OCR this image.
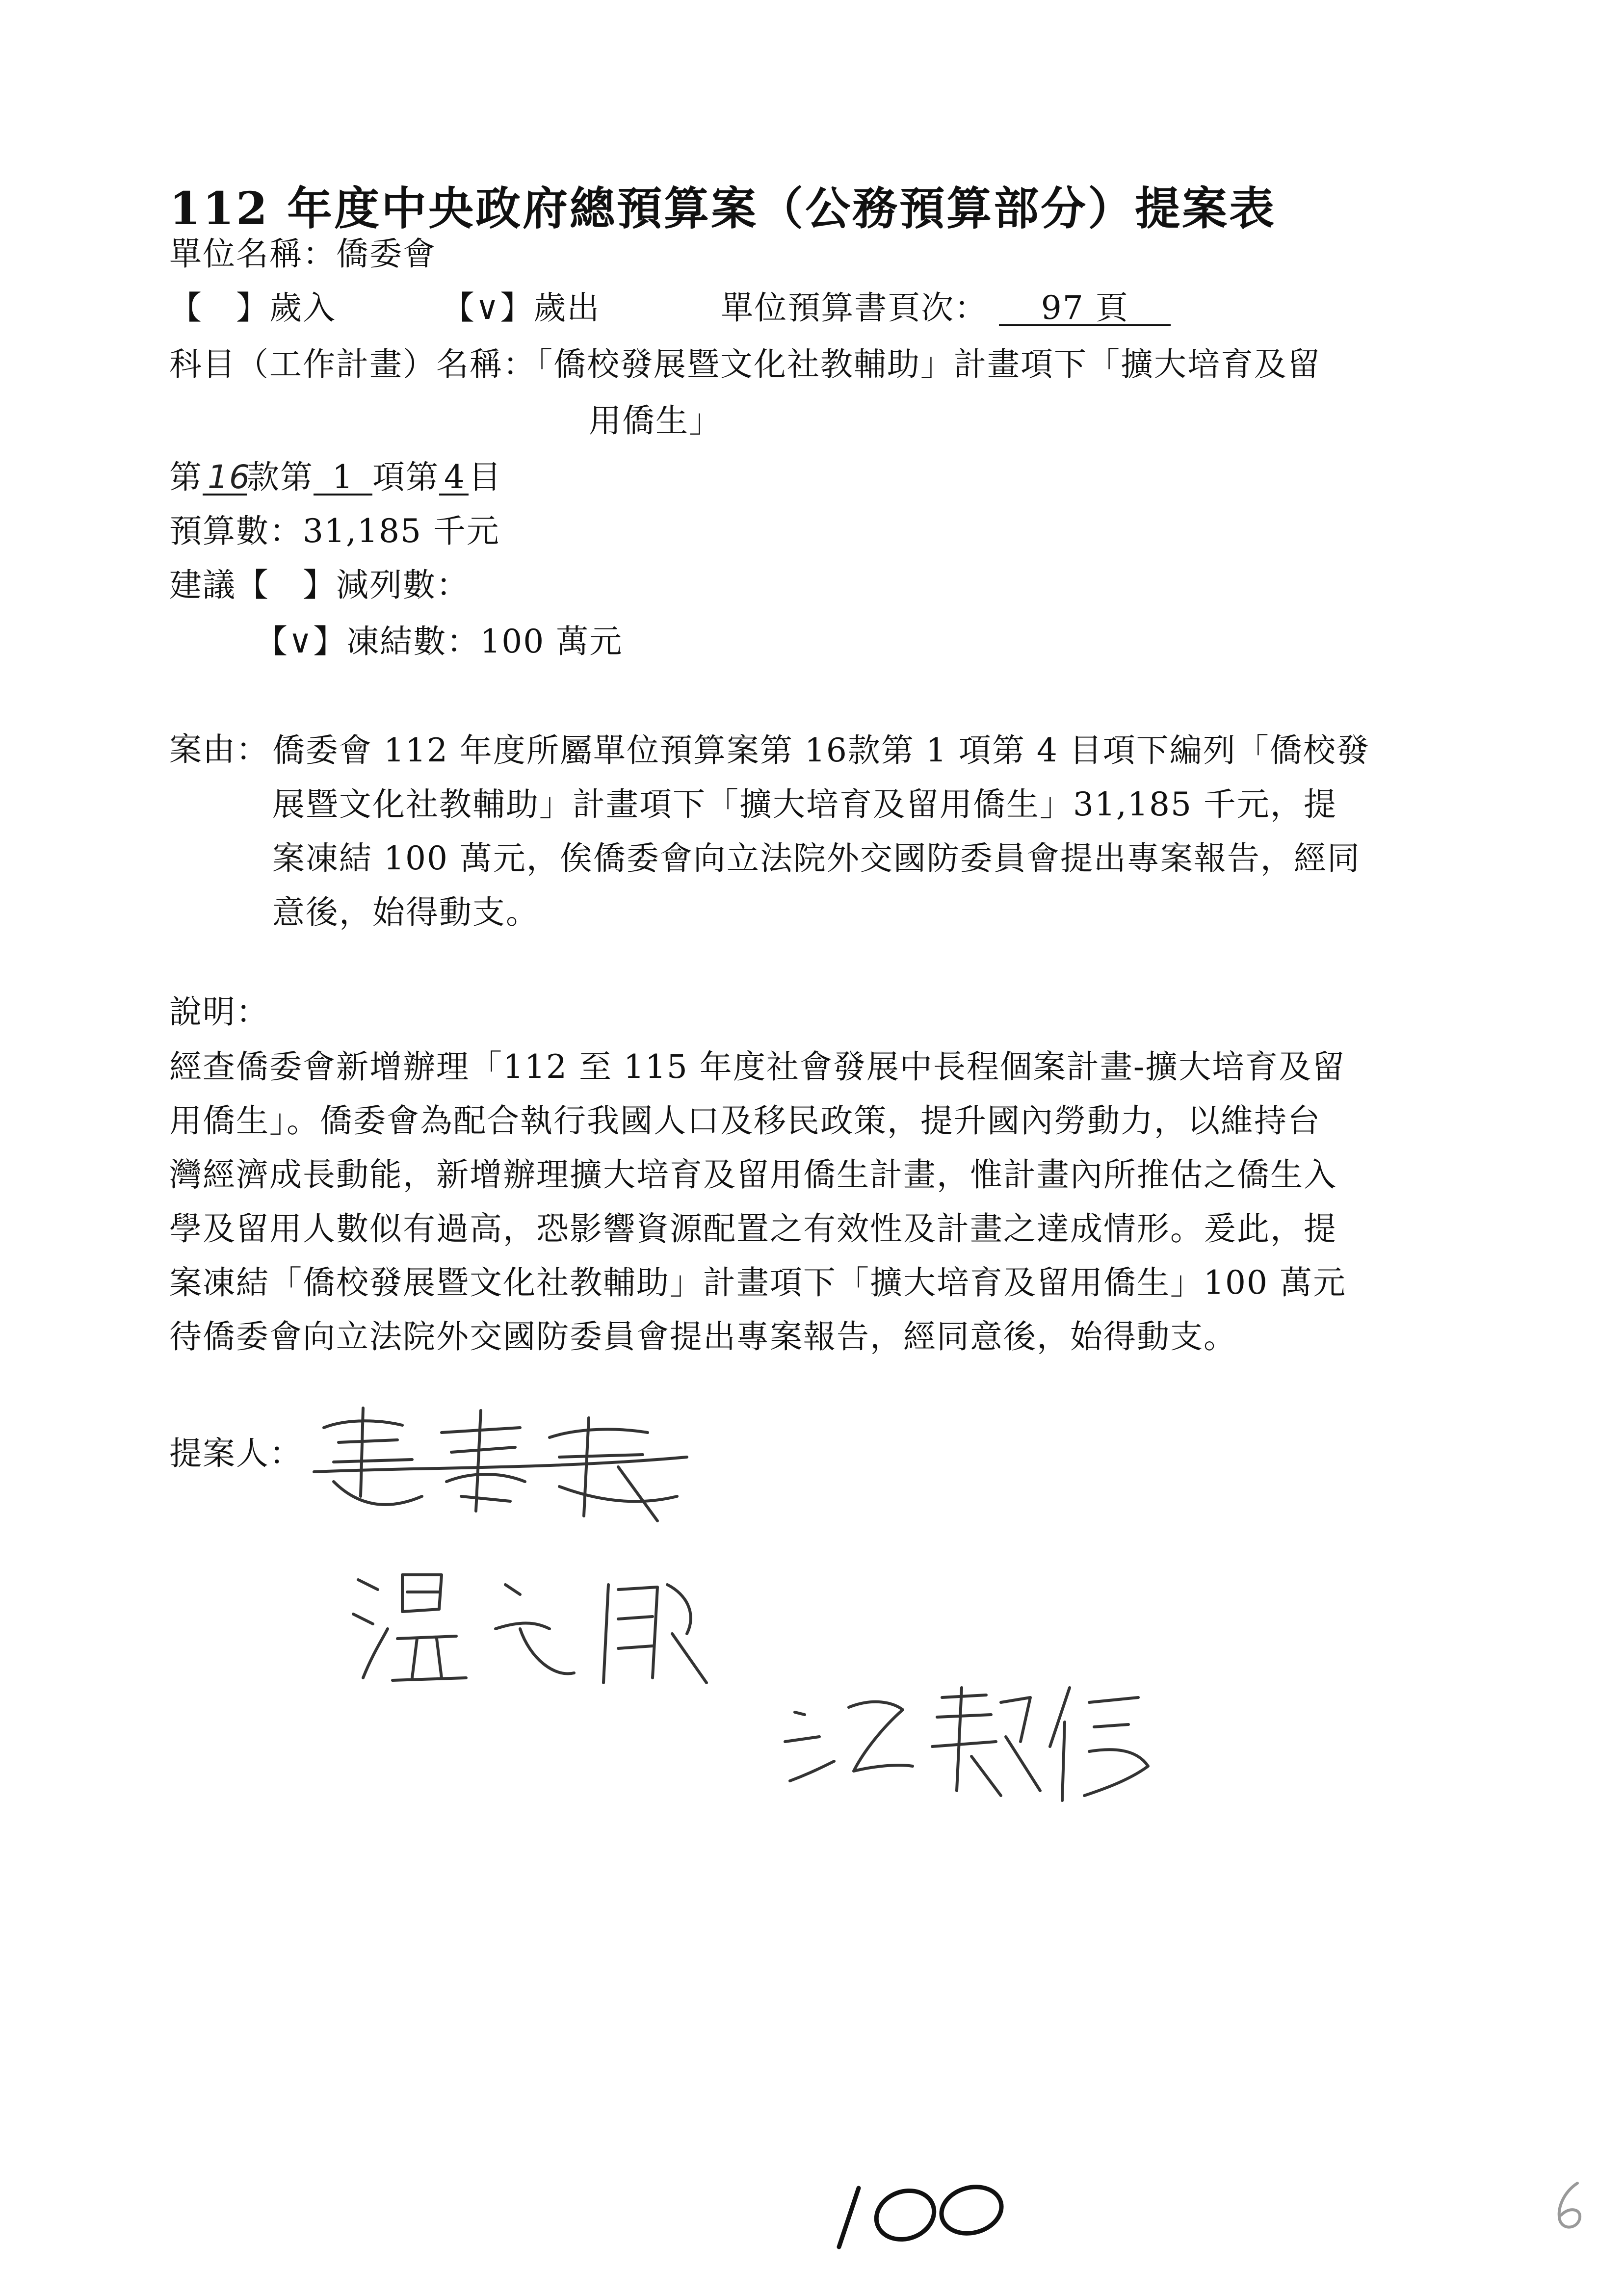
112 年度中央政府總預算案（公務預算部分）提案表
單位名稱：僑委會
【　】歲入	【∨】歲出	單位預算書頁次： 97 頁
科目（工作計畫）名稱：「僑校發展暨文化社教輔助」計畫項下「擴大培育及留
用僑生」
第 16款第 1 項第 4目
預算數：31,185 千元
建議【　】減列數：
【∨】凍結數：100 萬元
案由： 僑委會 112 年度所屬單位預算案第 16款第 1 項第 4 目項下編列「僑校發
展暨文化社教輔助」計畫項下「擴大培育及留用僑生」31,185 千元，提
案凍結 100 萬元，俟僑委會向立法院外交國防委員會提出專案報告，經同
意後，始得動支。
說明：
經查僑委會新增辦理「112 至 115 年度社會發展中長程個案計畫-擴大培育及留
用僑生」。僑委會為配合執行我國人口及移民政策，提升國內勞動力，以維持台
灣經濟成長動能，新增辦理擴大培育及留用僑生計畫，惟計畫內所推估之僑生入
學及留用人數似有過高，恐影響資源配置之有效性及計畫之達成情形。爰此，提
案凍結「僑校發展暨文化社教輔助」計畫項下「擴大培育及留用僑生」100 萬元
待僑委會向立法院外交國防委員會提出專案報告，經同意後，始得動支。
提案人：
